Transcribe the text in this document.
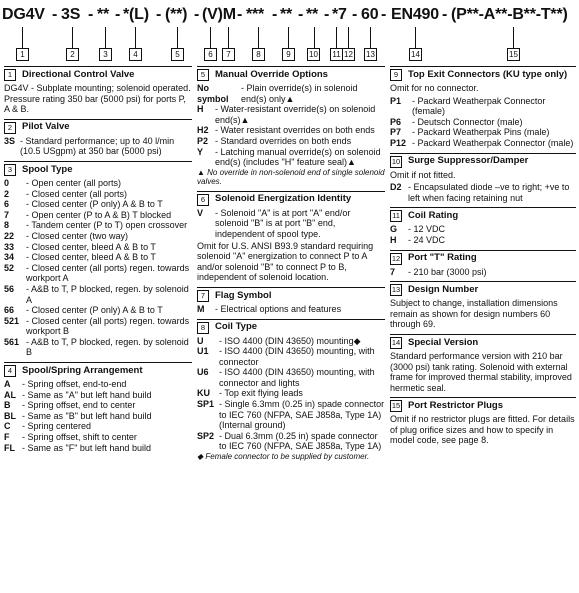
DG4V - 3S - ** - *(L) - (**) - (V)M - *** - ** - ** - *7 - 60 - EN490 - (P**-A**-B**-T**)
1	2	3	4	5	6	7	8	9	10 11 12 13	14	15
1	Directional Control Valve
DG4V - Subplate mounting; solenoid operated. Pressure rating 350 bar (5000 psi) for ports P, A & B.
2	Pilot Valve
3S - Standard performance; up to 40 l/min (10.5 USgpm) at 350 bar (5000 psi)
3	Spool Type
0	- Open center (all ports)
2	- Closed center (all ports)
6	- Closed center (P only) A & B to T
7	- Open center (P to A & B) T blocked
8	- Tandem center (P to T) open crossover
22	- Closed center (two way)
33	- Closed center, bleed A & B to T
34	- Closed center, bleed A & B to T
52	- Closed center (all ports) regen. towards workport A
56	- A&B to T, P blocked, regen. by solenoid A
66	- Closed center (P only) A & B to T
521 - Closed center (all ports) regen. towards workport B
561 - A&B to T, P blocked, regen. by solenoid B
4	Spool/Spring Arrangement
A	- Spring offset, end-to-end
AL - Same as "A" but left hand build
B	- Spring offset, end to center
BL - Same as "B" but left hand build
C	- Spring centered
F	- Spring offset, shift to center
FL - Same as "F" but left hand build
5	Manual Override Options
No symbol
- Plain override(s) in solenoid end(s) only▲
H	- Water-resistant override(s) on solenoid end(s)▲
H2 - Water resistant overrides on both ends
P2 - Standard overrides on both ends
Y	- Latching manual override(s) on solenoid end(s) (includes "H" feature seal)▲
▲ No override in non-solenoid end of single solenoid valves.
6	Solenoid Energization Identity
V	- Solenoid "A" is at port "A" end/or solenoid "B" is at port "B" end, independent of spool type.
Omit for U.S. ANSI B93.9 standard requiring solenoid "A" energization to connect P to A and/or solenoid "B" to connect P to B, independent of solenoid location.
7	Flag Symbol
M	- Electrical options and features
8	Coil Type
U	- ISO 4400 (DIN 43650) mounting◆
U1	- ISO 4400 (DIN 43650) mounting, with connector
U6	- ISO 4400 (DIN 43650) mounting, with connector and lights
KU	- Top exit flying leads
SP1 - Single 6.3mm (0.25 in) spade connector to IEC 760 (NFPA, SAE J858a, Type 1A) (Internal ground)
SP2 - Dual 6.3mm (0.25 in) spade connector to IEC 760 (NFPA, SAE J858a, Type 1A)
◆ Female connector to be supplied by customer.
9	Top Exit Connectors (KU type only)
Omit for no connector.
P1	- Packard Weatherpak Connector (female)
P6	- Deutsch Connector (male)
P7	- Packard Weatherpak Pins (male)
P12 - Packard Weatherpak Connector (male)
10 Surge Suppressor/Damper
Omit if not fitted.
D2 - Encapsulated diode –ve to right; +ve to left when facing retaining nut
11 Coil Rating
G	- 12 VDC
H	- 24 VDC
12 Port "T" Rating
7	- 210 bar (3000 psi)
13 Design Number
Subject to change, installation dimensions remain as shown for design numbers 60 through 69.
14 Special Version
Standard performance version with 210 bar (3000 psi) tank rating. Solenoid with external frame for improved thermal stability, improved hermetic seal.
15 Port Restrictor Plugs
Omit if no restrictor plugs are fitted. For details of plug orifice sizes and how to specify in model code, see page 8.
